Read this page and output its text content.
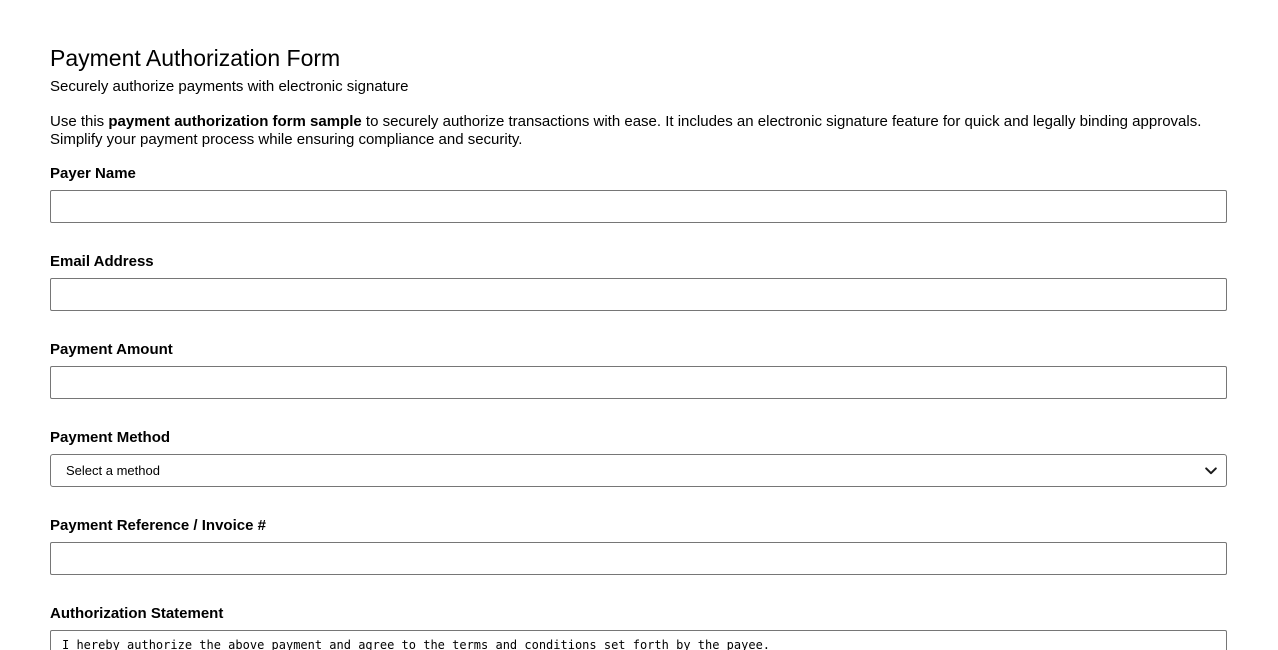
Payment Authorization Form

Securely authorize payments with electronic signature

Use this payment authorization form sample to securely authorize transactions with ease. It includes an electronic signature feature for quick and legally binding approvals. Simplify your payment process while ensuring compliance and security.

Payer Name
Email Address
Payment Amount
Payment Method
Select a method
Payment Reference / Invoice #
Authorization Statement
I hereby authorize the above payment and agree to the terms and conditions set forth by the payee.
